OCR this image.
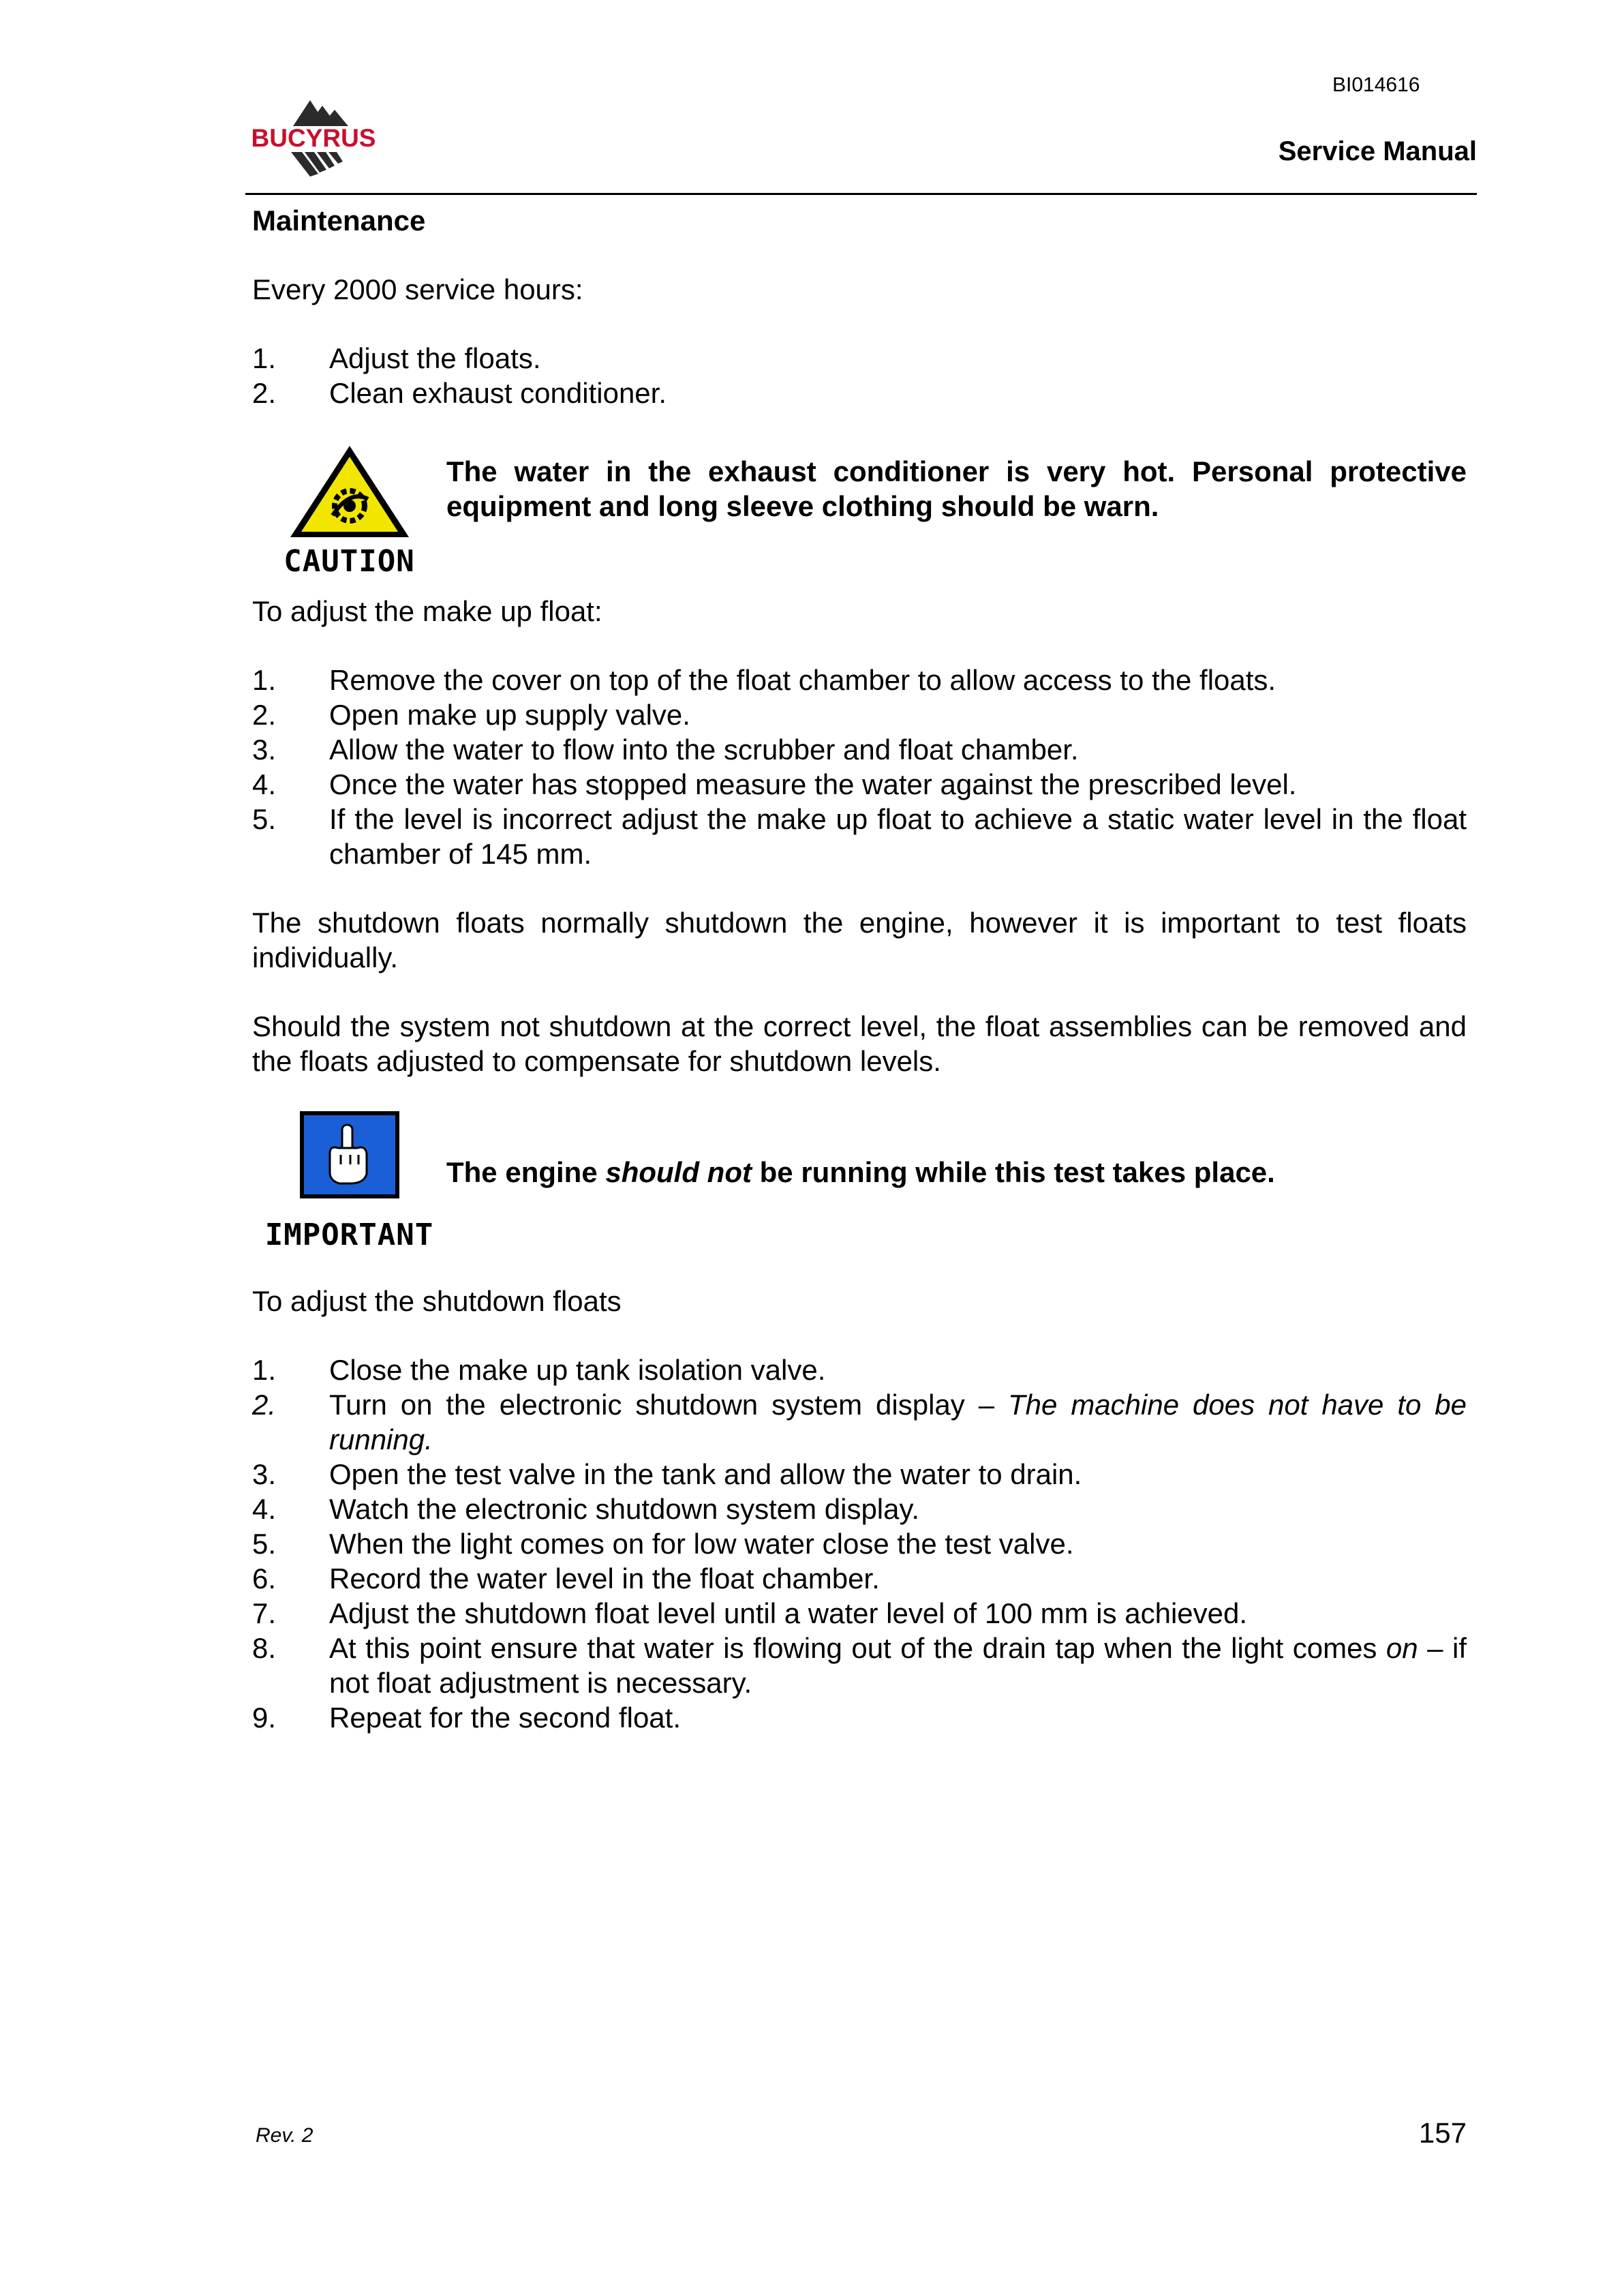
BI014616
BUCYRUS	Service Manual

Maintenance

Every 2000 service hours:

1.	Adjust the floats.
2.	Clean exhaust conditioner.
CAUTION
The water in the exhaust conditioner is very hot. Personal protective equipment and long sleeve clothing should be warn.

To adjust the make up float:

1.	Remove the cover on top of the float chamber to allow access to the floats.
2.	Open make up supply valve.
3.	Allow the water to flow into the scrubber and float chamber.
4.	Once the water has stopped measure the water against the prescribed level.
5.	If the level is incorrect adjust the make up float to achieve a static water level in the float chamber of 145 mm.

The shutdown floats normally shutdown the engine, however it is important to test floats individually.

Should the system not shutdown at the correct level, the float assemblies can be removed and the floats adjusted to compensate for shutdown levels.

IMPORTANT
The engine should not be running while this test takes place.

To adjust the shutdown floats

1.	Close the make up tank isolation valve.
2.	Turn on the electronic shutdown system display – The machine does not have to be running.
3.	Open the test valve in the tank and allow the water to drain.
4.	Watch the electronic shutdown system display.
5.	When the light comes on for low water close the test valve.
6.	Record the water level in the float chamber.
7.	Adjust the shutdown float level until a water level of 100 mm is achieved.
8.	At this point ensure that water is flowing out of the drain tap when the light comes on – if not float adjustment is necessary.
9.	Repeat for the second float.
Rev. 2	157
